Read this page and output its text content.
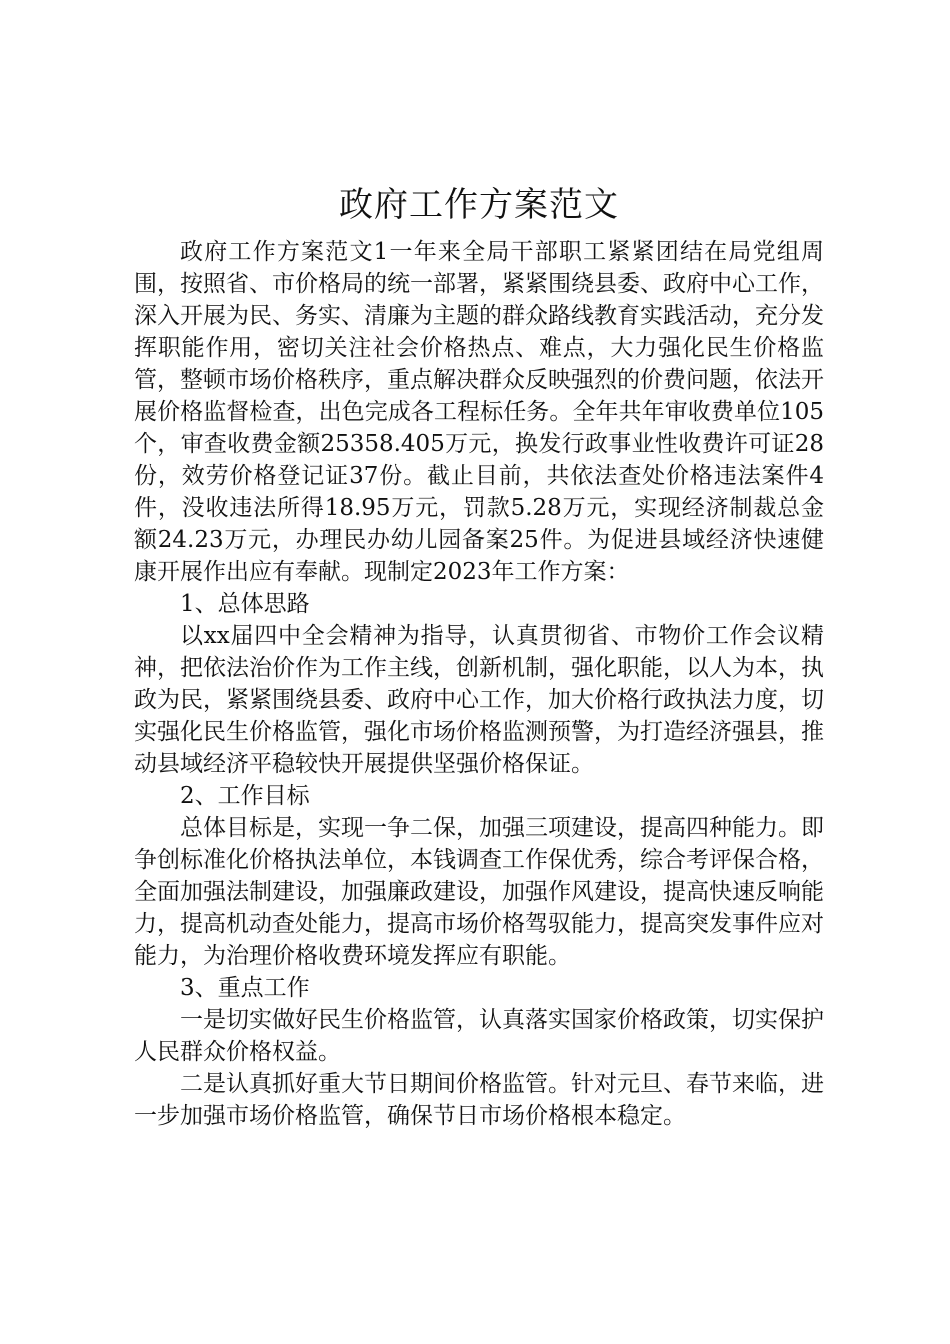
政府工作方案范文

政府工作方案范文1一年来全局干部职工紧紧团结在局党组周围，按照省、市价格局的统一部署，紧紧围绕县委、政府中心工作，深入开展为民、务实、清廉为主题的群众路线教育实践活动，充分发挥职能作用，密切关注社会价格热点、难点，大力强化民生价格监管，整顿市场价格秩序，重点解决群众反映强烈的价费问题，依法开展价格监督检查，出色完成各工程标任务。全年共年审收费单位105个，审查收费金额25358.405万元，换发行政事业性收费许可证28份，效劳价格登记证37份。截止目前，共依法查处价格违法案件4件，没收违法所得18.95万元，罚款5.28万元，实现经济制裁总金额24.23万元，办理民办幼儿园备案25件。为促进县域经济快速健康开展作出应有奉献。现制定2023年工作方案：

1、总体思路

以xx届四中全会精神为指导，认真贯彻省、市物价工作会议精神，把依法治价作为工作主线，创新机制，强化职能，以人为本，执政为民，紧紧围绕县委、政府中心工作，加大价格行政执法力度，切实强化民生价格监管，强化市场价格监测预警，为打造经济强县，推动县域经济平稳较快开展提供坚强价格保证。

2、工作目标

总体目标是，实现一争二保，加强三项建设，提高四种能力。即争创标准化价格执法单位，本钱调查工作保优秀，综合考评保合格，全面加强法制建设，加强廉政建设，加强作风建设，提高快速反响能力，提高机动查处能力，提高市场价格驾驭能力，提高突发事件应对能力，为治理价格收费环境发挥应有职能。

3、重点工作

一是切实做好民生价格监管，认真落实国家价格政策，切实保护人民群众价格权益。

二是认真抓好重大节日期间价格监管。针对元旦、春节来临，进一步加强市场价格监管，确保节日市场价格根本稳定。
